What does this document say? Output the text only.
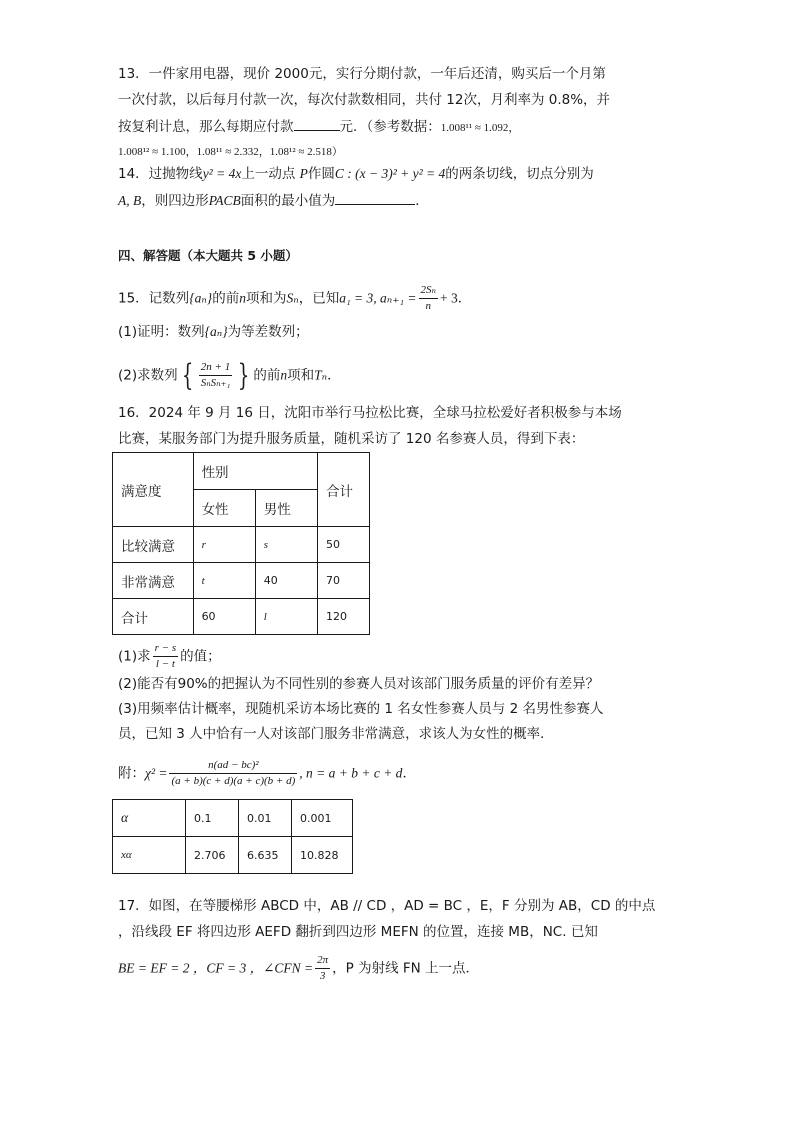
13．一件家用电器，现价 2000元，实行分期付款，一年后还清，购买后一个月第
一次付款，以后每月付款一次，每次付款数相同，共付 12次，月利率为 0.8%，并
按复利计息，那么每期应付款	元．（参考数据：1.008¹¹ ≈ 1.092，
1.008¹² ≈ 1.100，1.08¹¹ ≈ 2.332，1.08¹² ≈ 2.518）
14．过抛物线y² = 4x上一动点 P作圆C : (x − 3)² + y² = 4的两条切线，切点分别为
A, B，则四边形PACB面积的最小值为	．
四、解答题（本大题共 5 小题）
15．记数列{aₙ}的前n项和为Sₙ，已知a₁ = 3, $a_{n+1} = \frac{\text{2Sₙ}}{n} + 3$．
(1)证明：数列{aₙ}为等差数列；
(2)求数列 { $\frac{2n + 1}{\text{SₙSₙ₊₁}}$ } 的前n项和Tₙ．
16．2024 年 9 月 16 日，沈阳市举行马拉松比赛，全球马拉松爱好者积极参与本场
比赛，某服务部门为提升服务质量，随机采访了 120 名参赛人员，得到下表：
满意度	性别		合计
	女性	男性	
比较满意	r	s	50
非常满意	t	40	70
合计	60	l	120
(1)求 $\frac{r - s}{l - t}$ 的值；
(2)能否有90%的把握认为不同性别的参赛人员对该部门服务质量的评价有差异？
(3)用频率估计概率，现随机采访本场比赛的 1 名女性参赛人员与 2 名男性参赛人
员，已知 3 人中恰有一人对该部门服务非常满意，求该人为女性的概率．
附：$\chi^2 = \frac{\text{n(ad − bc)²}}{(a + b)(c + d)(a + c)(b + d)}$ , n = a + b + c + d．
α	0.1	0.01	0.001
xα	2.706	6.635	10.828
17．如图，在等腰梯形 ABCD 中，AB // CD ，AD = BC ，E，F 分别为 AB，CD 的中点
，沿线段 EF 将四边形 AEFD 翻折到四边形 MEFN 的位置，连接 MB，NC. 已知
BE = EF = 2 ，CF = 3 ，∠CFN = $\frac{2\pi}{3}$ ，P 为射线 FN 上一点．
